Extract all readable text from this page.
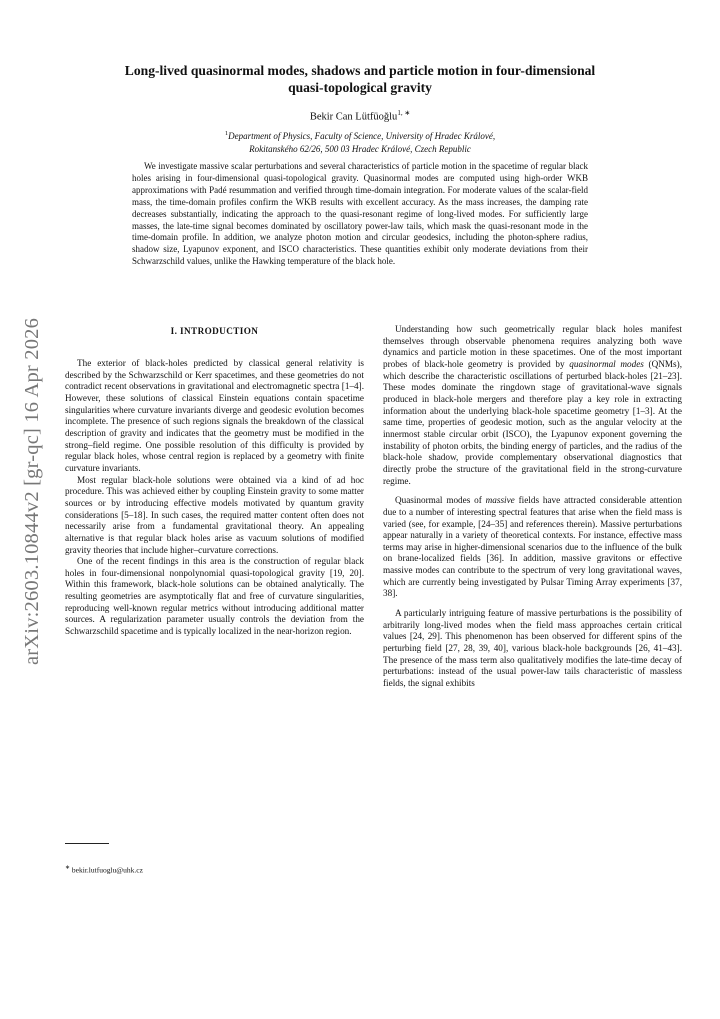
arXiv:2603.10844v2 [gr-qc] 16 Apr 2026
Long-lived quasinormal modes, shadows and particle motion in four-dimensional
quasi-topological gravity
Bekir Can Lütfüoğlu$^{1, ∗}$
$^1$Department of Physics, Faculty of Science, University of Hradec Králové,
Rokitanského 62/26, 500 03 Hradec Králové, Czech Republic

We investigate massive scalar perturbations and several characteristics of particle motion in the spacetime of regular black holes arising in four-dimensional quasi-topological gravity. Quasinormal modes are computed using high-order WKB approximations with Padé resummation and verified through time-domain integration. For moderate values of the scalar-field mass, the time-domain profiles confirm the WKB results with excellent accuracy. As the mass increases, the damping rate decreases substantially, indicating the approach to the quasi-resonant regime of long-lived modes. For sufficiently large masses, the late-time signal becomes dominated by oscillatory power-law tails, which mask the quasi-resonant mode in the time-domain profile. In addition, we analyze photon motion and circular geodesics, including the photon-sphere radius, shadow size, Lyapunov exponent, and ISCO characteristics. These quantities exhibit only moderate deviations from their Schwarzschild values, unlike the Hawking temperature of the black hole.

I. INTRODUCTION

The exterior of black-holes predicted by classical general relativity is described by the Schwarzschild or Kerr spacetimes, and these geometries do not contradict recent observations in gravitational and electromagnetic spectra [1–4]. However, these solutions of classical Einstein equations contain spacetime singularities where curvature invariants diverge and geodesic evolution becomes incomplete. The presence of such regions signals the breakdown of the classical description of gravity and indicates that the geometry must be modified in the strong–field regime. One possible resolution of this difficulty is provided by regular black holes, whose central region is replaced by a geometry with finite curvature invariants.

Most regular black-hole solutions were obtained via a kind of ad hoc procedure. This was achieved either by coupling Einstein gravity to some matter sources or by introducing effective models motivated by quantum gravity considerations [5–18]. In such cases, the required matter content often does not necessarily arise from a fundamental gravitational theory. An appealing alternative is that regular black holes arise as vacuum solutions of modified gravity theories that include higher–curvature corrections.

One of the recent findings in this area is the construction of regular black holes in four-dimensional nonpolynomial quasi-topological gravity [19, 20]. Within this framework, black-hole solutions can be obtained analytically. The resulting geometries are asymptotically flat and free of curvature singularities, reproducing well-known regular metrics without introducing additional matter sources. A regularization parameter usually controls the deviation from the Schwarzschild spacetime and is typically localized in the near-horizon region.

Understanding how such geometrically regular black holes manifest themselves through observable phenomena requires analyzing both wave dynamics and particle motion in these spacetimes. One of the most important probes of black-hole geometry is provided by quasinormal modes (QNMs), which describe the characteristic oscillations of perturbed black-holes [21–23]. These modes dominate the ringdown stage of gravitational-wave signals produced in black-hole mergers and therefore play a key role in extracting information about the underlying black-hole spacetime geometry [1–3]. At the same time, properties of geodesic motion, such as the angular velocity at the innermost stable circular orbit (ISCO), the Lyapunov exponent governing the instability of photon orbits, the binding energy of particles, and the radius of the black-hole shadow, provide complementary observational diagnostics that directly probe the structure of the gravitational field in the strong-curvature regime.

Quasinormal modes of massive fields have attracted considerable attention due to a number of interesting spectral features that arise when the field mass is varied (see, for example, [24–35] and references therein). Massive perturbations appear naturally in a variety of theoretical contexts. For instance, effective mass terms may arise in higher-dimensional scenarios due to the influence of the bulk on brane-localized fields [36]. In addition, massive gravitons or effective massive modes can contribute to the spectrum of very long gravitational waves, which are currently being investigated by Pulsar Timing Array experiments [37, 38].

A particularly intriguing feature of massive perturbations is the possibility of arbitrarily long-lived modes when the field mass approaches certain critical values [24, 29]. This phenomenon has been observed for different spins of the perturbing field [27, 28, 39, 40], various black-hole backgrounds [26, 41–43]. The presence of the mass term also qualitatively modifies the late-time decay of perturbations: instead of the usual power-law tails characteristic of massless fields, the signal exhibits

∗ bekir.lutfuoglu@uhk.cz
